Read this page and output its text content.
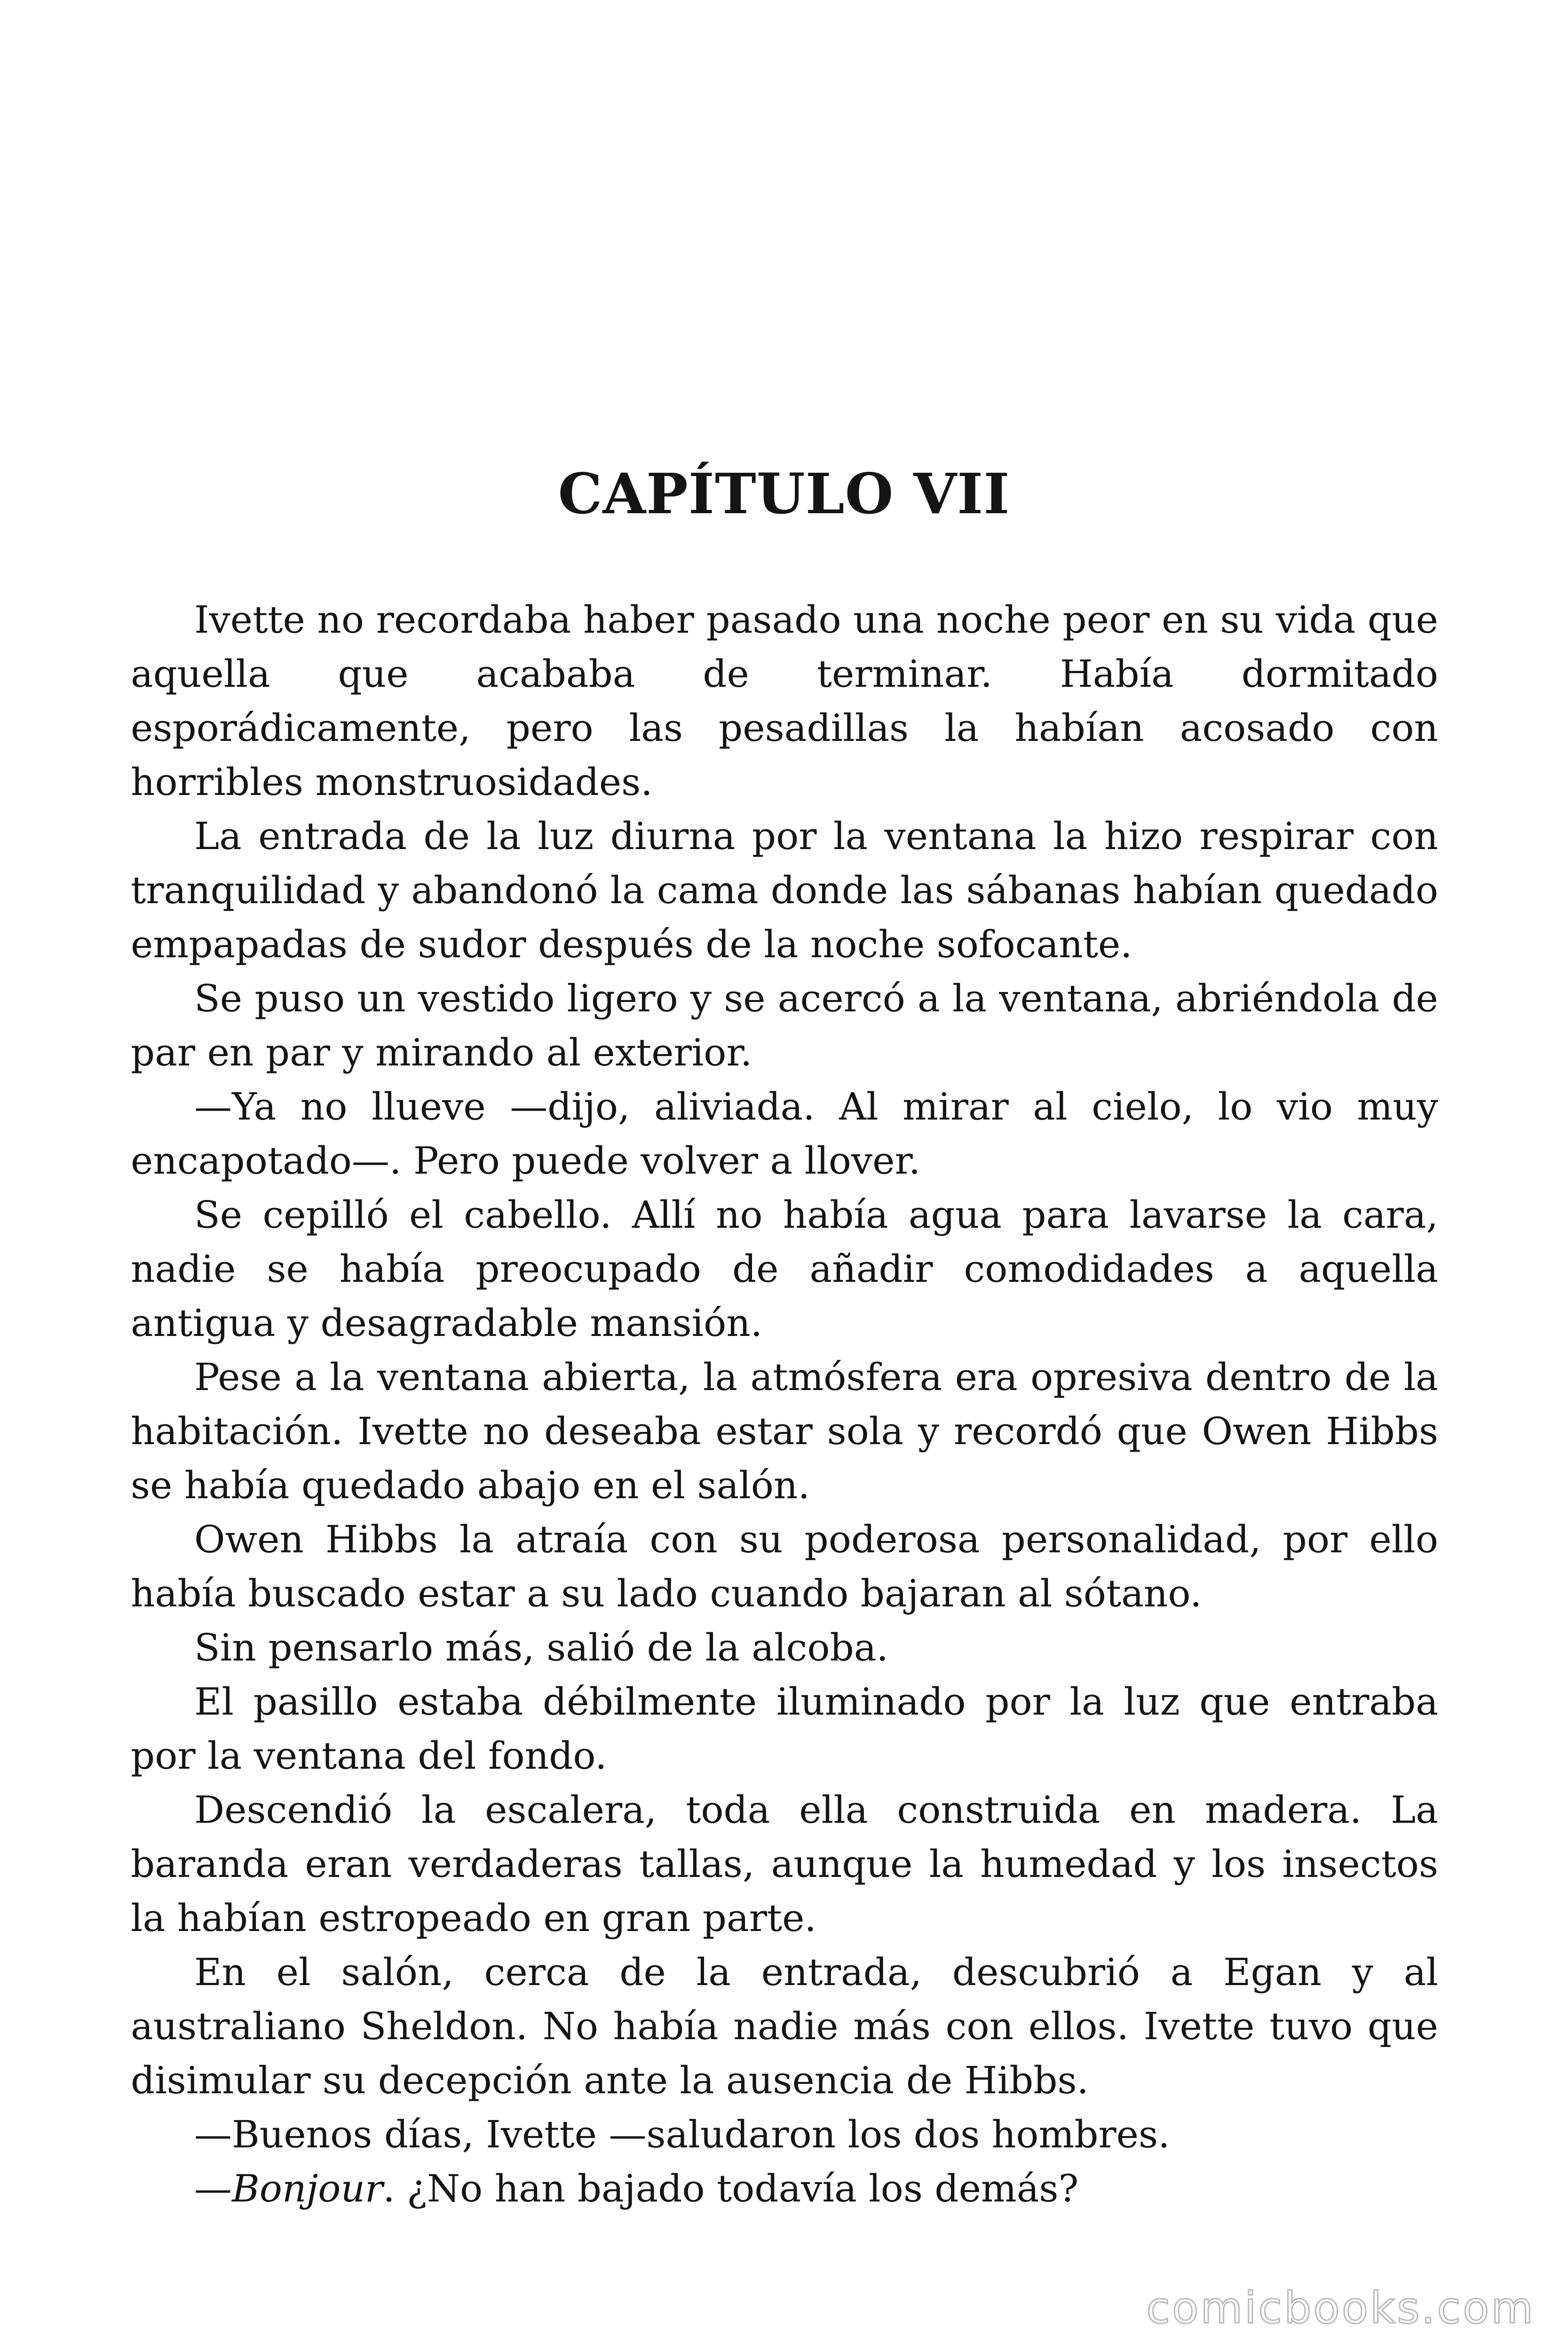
CAPÍTULO VII

Ivette no recordaba haber pasado una noche peor en su vida que aquella que acababa de terminar. Había dormitado esporádicamente, pero las pesadillas la habían acosado con horribles monstruosidades.

La entrada de la luz diurna por la ventana la hizo respirar con tranquilidad y abandonó la cama donde las sábanas habían quedado empapadas de sudor después de la noche sofocante.

Se puso un vestido ligero y se acercó a la ventana, abriéndola de par en par y mirando al exterior.

—Ya no llueve —dijo, aliviada. Al mirar al cielo, lo vio muy encapotado—. Pero puede volver a llover.

Se cepilló el cabello. Allí no había agua para lavarse la cara, nadie se había preocupado de añadir comodidades a aquella antigua y desagradable mansión.

Pese a la ventana abierta, la atmósfera era opresiva dentro de la habitación. Ivette no deseaba estar sola y recordó que Owen Hibbs se había quedado abajo en el salón.

Owen Hibbs la atraía con su poderosa personalidad, por ello había buscado estar a su lado cuando bajaran al sótano.

Sin pensarlo más, salió de la alcoba.

El pasillo estaba débilmente iluminado por la luz que entraba por la ventana del fondo.

Descendió la escalera, toda ella construida en madera. La baranda eran verdaderas tallas, aunque la humedad y los insectos la habían estropeado en gran parte.

En el salón, cerca de la entrada, descubrió a Egan y al australiano Sheldon. No había nadie más con ellos. Ivette tuvo que disimular su decepción ante la ausencia de Hibbs.

—Buenos días, Ivette —saludaron los dos hombres.

—Bonjour. ¿No han bajado todavía los demás?

comicbooks.com
